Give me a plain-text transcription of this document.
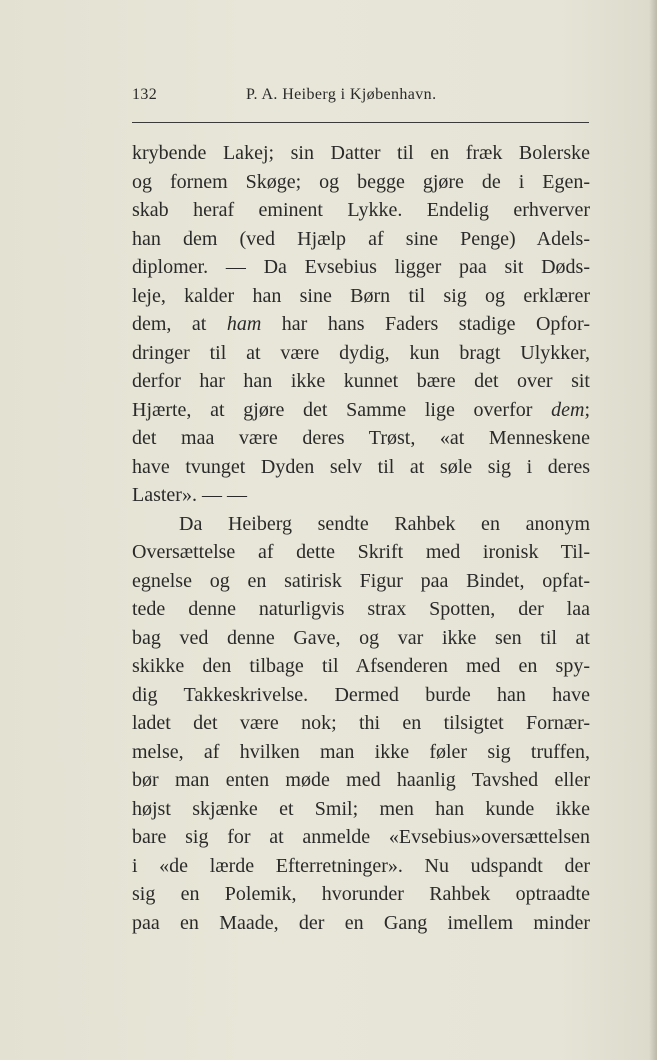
132	P. A. Heiberg i Kjøbenhavn.
krybende Lakej; sin Datter til en fræk Bolerske
og fornem Skøge; og begge gjøre de i Egen-
skab heraf eminent Lykke. Endelig erhverver
han dem (ved Hjælp af sine Penge) Adels-
diplomer. — Da Evsebius ligger paa sit Døds-
leje, kalder han sine Børn til sig og erklærer
dem, at ham har hans Faders stadige Opfor-
dringer til at være dydig, kun bragt Ulykker,
derfor har han ikke kunnet bære det over sit
Hjærte, at gjøre det Samme lige overfor dem;
det maa være deres Trøst, «at Menneskene
have tvunget Dyden selv til at søle sig i deres
Laster». — —
Da Heiberg sendte Rahbek en anonym
Oversættelse af dette Skrift med ironisk Til-
egnelse og en satirisk Figur paa Bindet, opfat-
tede denne naturligvis strax Spotten, der laa
bag ved denne Gave, og var ikke sen til at
skikke den tilbage til Afsenderen med en spy-
dig Takkeskrivelse. Dermed burde han have
ladet det være nok; thi en tilsigtet Fornær-
melse, af hvilken man ikke føler sig truffen,
bør man enten møde med haanlig Tavshed eller
højst skjænke et Smil; men han kunde ikke
bare sig for at anmelde «Evsebius»oversættelsen
i «de lærde Efterretninger». Nu udspandt der
sig en Polemik, hvorunder Rahbek optraadte
paa en Maade, der en Gang imellem minder
